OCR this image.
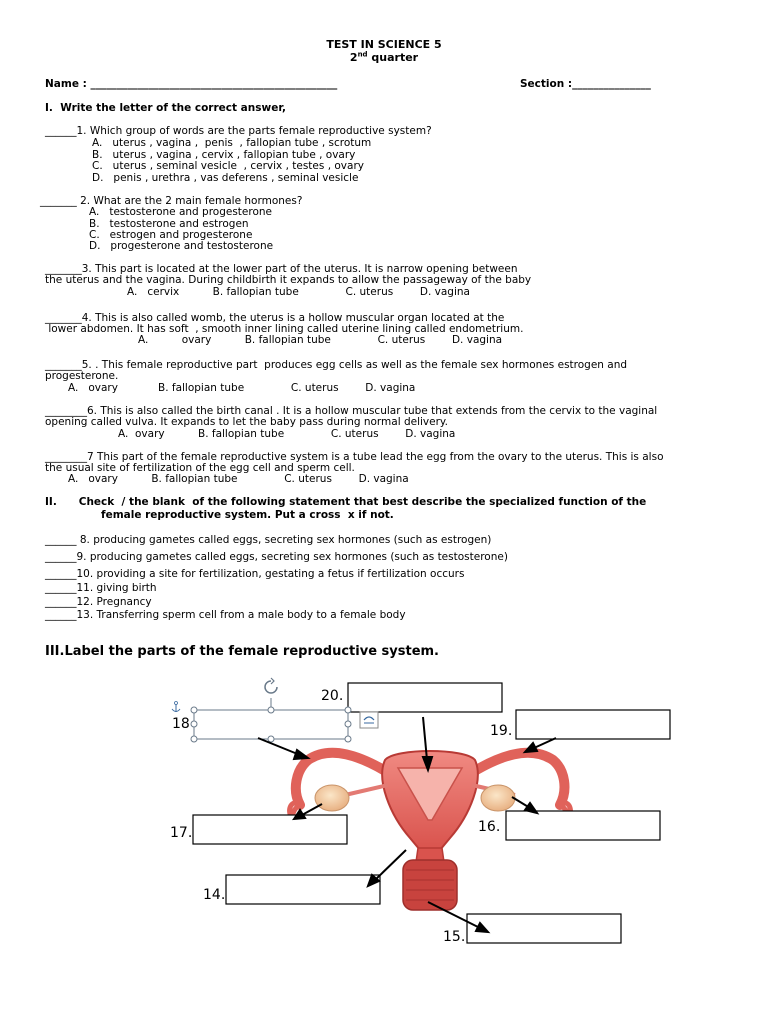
TEST IN SCIENCE 5
2nd quarter
Name : _______________________________________________	Section :_______________
I.  Write the letter of the correct answer,
______1. Which group of words are the parts female reproductive system?
A.   uterus , vagina ,  penis  , fallopian tube , scrotum
B.   uterus , vagina , cervix , fallopian tube , ovary
C.   uterus , seminal vesicle  , cervix , testes , ovary
D.   penis , urethra , vas deferens , seminal vesicle
_______ 2. What are the 2 main female hormones?
A.   testosterone and progesterone
B.   testosterone and estrogen
C.   estrogen and progesterone
D.   progesterone and testosterone
_______3. This part is located at the lower part of the uterus. It is narrow opening between
the uterus and the vagina. During childbirth it expands to allow the passageway of the baby
A.   cervix          B. fallopian tube              C. uterus        D. vagina
_______4. This is also called womb, the uterus is a hollow muscular organ located at the
lower abdomen. It has soft  , smooth inner lining called uterine lining called endometrium.
A.          ovary          B. fallopian tube              C. uterus        D. vagina
_______5. . This female reproductive part  produces egg cells as well as the female sex hormones estrogen and
progesterone.
A.   ovary            B. fallopian tube              C. uterus        D. vagina
________6. This is also called the birth canal . It is a hollow muscular tube that extends from the cervix to the vaginal
opening called vulva. It expands to let the baby pass during normal delivery.
A.  ovary          B. fallopian tube              C. uterus        D. vagina
________7 This part of the female reproductive system is a tube lead the egg from the ovary to the uterus. This is also
the usual site of fertilization of the egg cell and sperm cell.
A.   ovary          B. fallopian tube              C. uterus        D. vagina
II.      Check  / the blank  of the following statement that best describe the specialized function of the
female reproductive system. Put a cross  x if not.
______ 8. producing gametes called eggs, secreting sex hormones (such as estrogen)
______9. producing gametes called eggs, secreting sex hormones (such as testosterone)
______10. providing a site for fertilization, gestating a fetus if fertilization occurs
______11. giving birth
______12. Pregnancy
______13. Transferring sperm cell from a male body to a female body
III.Label the parts of the female reproductive system.
20.
18	19.
16.
17.
14.
15.
